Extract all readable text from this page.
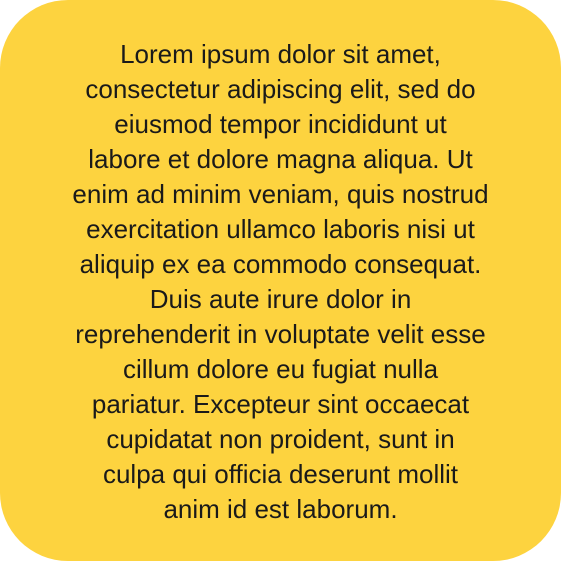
Lorem ipsum dolor sit amet,
consectetur adipiscing elit, sed do
eiusmod tempor incididunt ut
labore et dolore magna aliqua. Ut
enim ad minim veniam, quis nostrud
exercitation ullamco laboris nisi ut
aliquip ex ea commodo consequat.
Duis aute irure dolor in
reprehenderit in voluptate velit esse
cillum dolore eu fugiat nulla
pariatur. Excepteur sint occaecat
cupidatat non proident, sunt in
culpa qui officia deserunt mollit
anim id est laborum.
